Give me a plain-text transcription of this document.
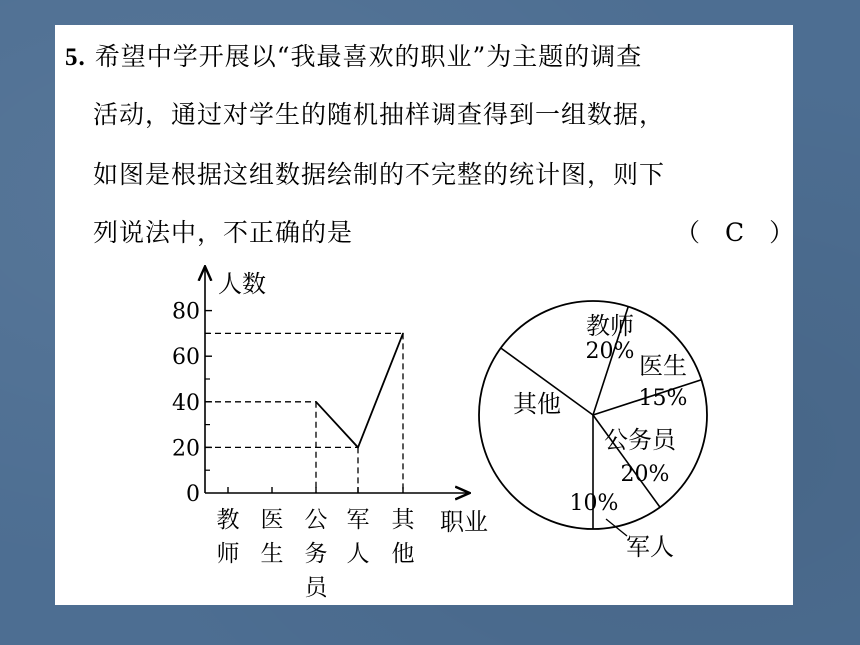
5. 希望中学开展以“我最喜欢的职业”为主题的调查
活动，通过对学生的随机抽样调查得到一组数据，
如图是根据这组数据绘制的不完整的统计图，则下
列说法中，不正确的是	（　C　）
0
20
40
60
80
人数
职业
教
师
医
生
公
务
员
军
人
其
他
教师
20%
医生
15%
公务员
20%
10%
军人
其他
